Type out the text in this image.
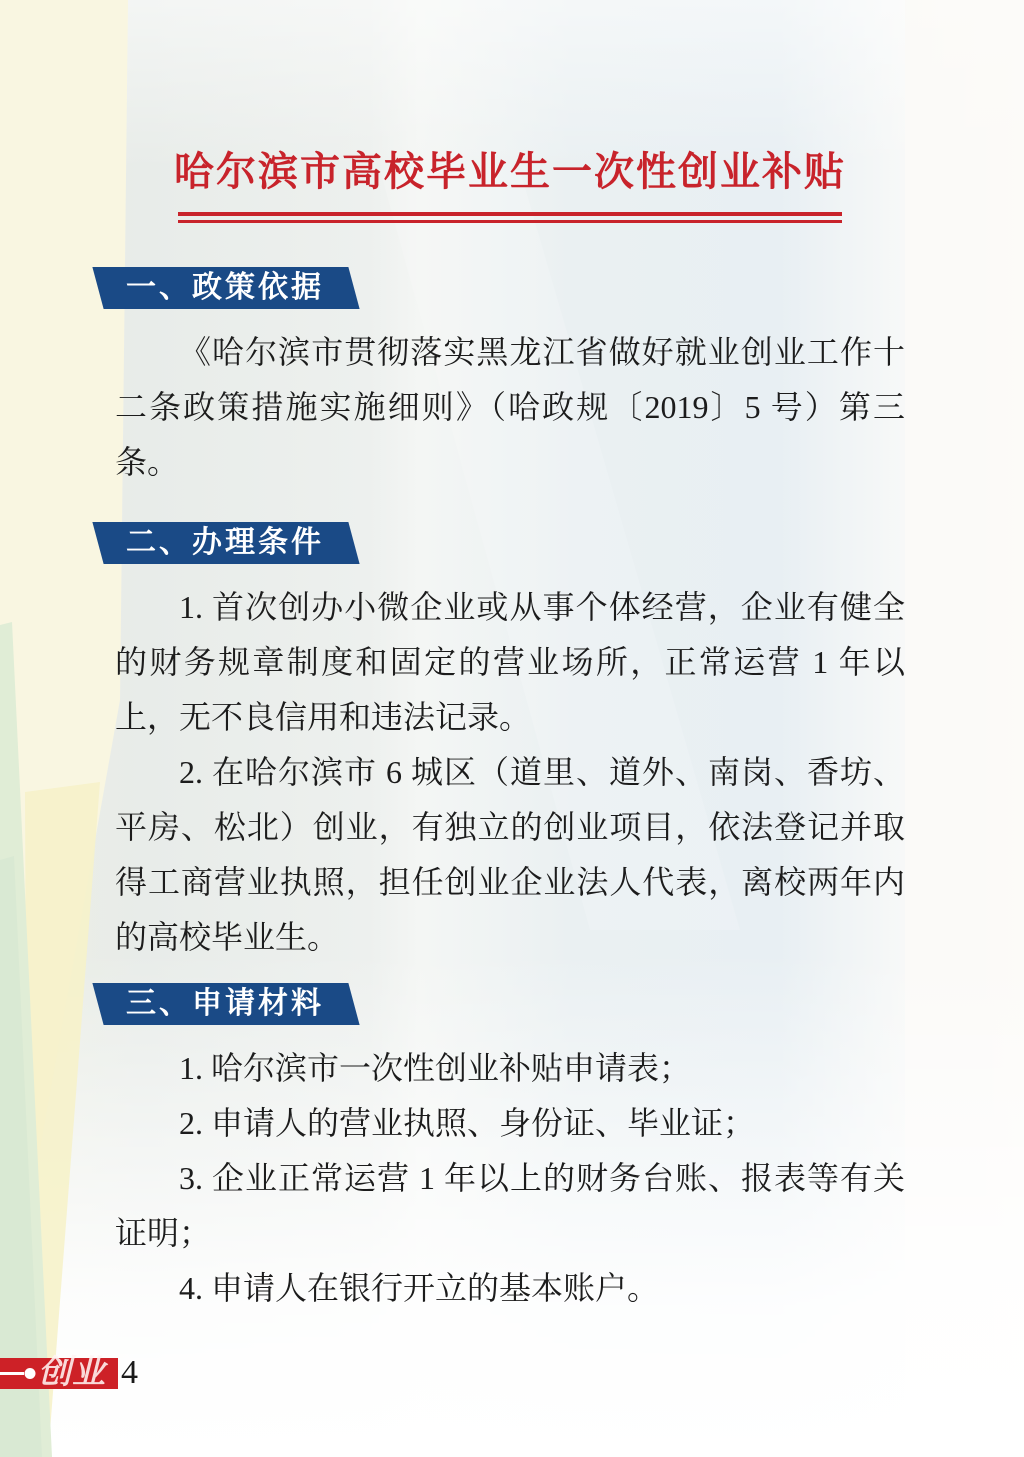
哈尔滨市高校毕业生一次性创业补贴
一、政策依据

《哈尔滨市贯彻落实黑龙江省做好就业创业工作十二条政策措施实施细则》（哈政规〔2019〕5 号）第三条。

二、办理条件

1. 首次创办小微企业或从事个体经营，企业有健全的财务规章制度和固定的营业场所，正常运营 1 年以上，无不良信用和违法记录。

2. 在哈尔滨市 6 城区（道里、道外、南岗、香坊、平房、松北）创业，有独立的创业项目，依法登记并取得工商营业执照，担任创业企业法人代表，离校两年内的高校毕业生。

三、申请材料

1. 哈尔滨市一次性创业补贴申请表；

2. 申请人的营业执照、身份证、毕业证；

3. 企业正常运营 1 年以上的财务台账、报表等有关证明；

4. 申请人在银行开立的基本账户。

创业 4
